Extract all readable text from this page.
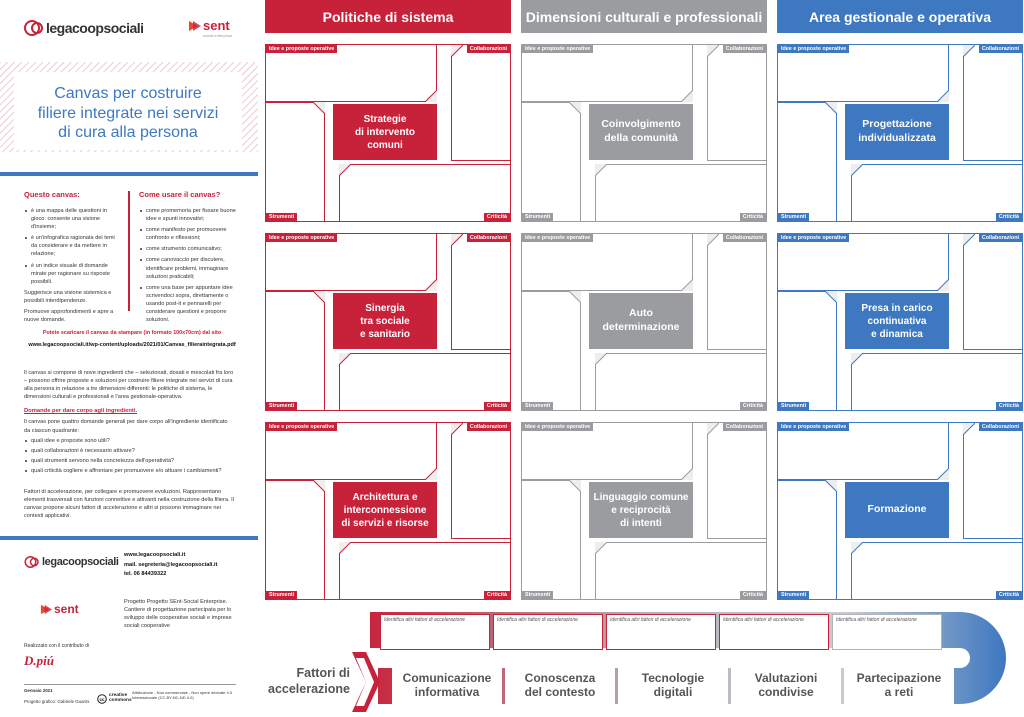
legacoopsociali	sent
social enterprise
Canvas per costruire
filiere integrate nei servizi
di cura alla persona
Questo canvas:
è una mappa delle questioni in gioco: consente una visione d'insieme;
è un'infografica ragionata dei temi da considerare e da mettere in relazione;
è un indice visuale di domande mirate per ragionare su risposte possibili.
Suggerisce una visione sistemica e possibili interdipendenze.
Promuove approfondimenti e apre a nuove domande.
Come usare il canvas?
come promemoria per fissare buone idee e spunti innovativi;
come manifesto per promuovere confronto e riflessioni;
come strumento comunicativo;
come canovaccio per discutere, identificare problemi, immaginare soluzioni praticabili;
come una base per appuntare idee scrivendoci sopra, direttamente o usando post-it e pennarelli per considerare questioni e proporre soluzioni.
Potete scaricare il canvas da stampare (in formato 100x70cm) dal sito
www.legacoopsociali.it/wp-content/uploads/2021/01/Canvas_filieraintegrata.pdf
Il canvas si compone di nove ingredienti che – selezionati, dosati e mescolati fra loro – possono offrire proposte e soluzioni per costruire filiere integrate nei servizi di cura alla persona in relazione a tre dimensioni differenti: le politiche di sistema, le dimensioni culturali e professionali e l'area gestionale-operativa.
Domande per dare corpo agli ingredienti.
Il canvas pone quattro domande generali per dare corpo all'ingrediente identificato da ciascun quadrante:
quali idee e proposte sono utili?
quali collaborazioni è necessario attivare?
quali strumenti servono nella concretezza dell'operatività?
quali criticità cogliere e affrontare per promuovere e/o attuare i cambiamenti?
Fattori di accelerazione, per collegare e promuovere evoluzioni. Rappresentano elementi trasversali con funzioni connettive e attivanti nella costruzione della filiera. Il canvas propone alcuni fattori di accelerazione e altri si possono immaginare nei contesti applicativi.
legacoopsociali
www.legacoopsociali.it
mail. segreteria@legacoopsociali.it
tel. 06 84439322
sent	Progetto Progetto SEnt-Social Enterprise. Cantiere di progettazione partecipata per lo sviluppo delle cooperative sociali e imprese sociali cooperative
Realizzato con il contributo di
D.piú
Gennaio 2021
Progetto grafico: Gabriele Guarini
cc
creative commons
Attribuzione - Non commerciale - Non opere derivate 4.0 Internazionale (CC BY-NC-ND 4.0)
Politiche di sistema
Idee e proposte operative	Collaborazioni
Strumenti	Criticità
Strategie
di intervento
comuni
Idee e proposte operative	Collaborazioni
Strumenti	Criticità
Sinergia
tra sociale
e sanitario
Idee e proposte operative	Collaborazioni
Strumenti	Criticità
Architettura e
interconnessione
di servizi e risorse
Dimensioni culturali e professionali
Idee e proposte operative	Collaborazioni
Strumenti	Criticità
Coinvolgimento
della comunità
Idee e proposte operative	Collaborazioni
Strumenti	Criticità
Auto
determinazione
Idee e proposte operative	Collaborazioni
Strumenti	Criticità
Linguaggio comune
e reciprocità
di intenti
Area gestionale e operativa
Idee e proposte operative	Collaborazioni
Strumenti	Criticità
Progettazione
individualizzata
Idee e proposte operative	Collaborazioni
Strumenti	Criticità
Presa in carico
continuativa
e dinamica
Idee e proposte operative	Collaborazioni
Strumenti	Criticità
Formazione
Fattori di
accelerazione
Identifica altri fattori di accelerazione	Identifica altri fattori di accelerazione	Identifica altri fattori di accelerazione	Identifica altri fattori di accelerazione	Identifica altri fattori di accelerazione
Comunicazione
informativa
Conoscenza
del contesto
Tecnologie
digitali
Valutazioni
condivise
Partecipazione
a reti
